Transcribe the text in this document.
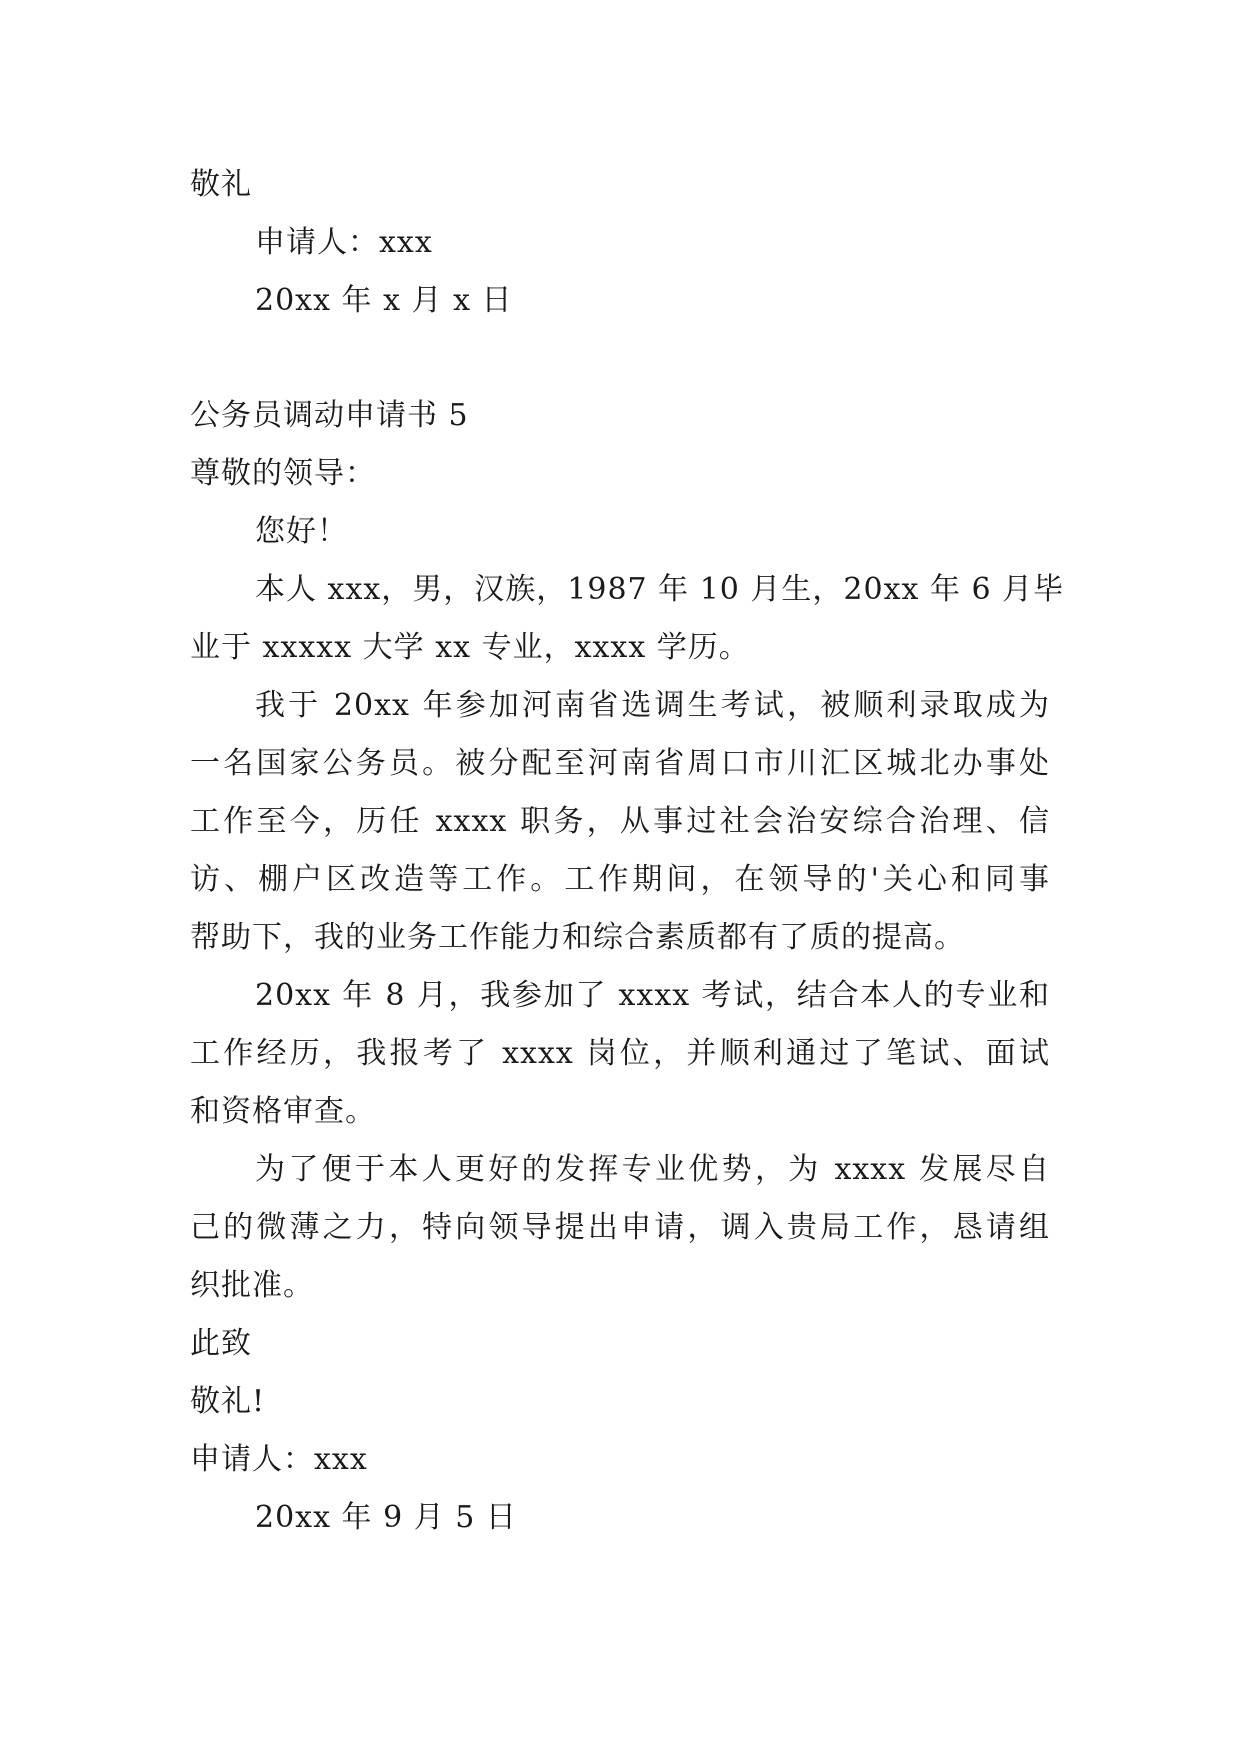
敬礼
申请人：xxx
20xx 年 x 月 x 日
公务员调动申请书 5
尊敬的领导：
您好！
本人 xxx，男，汉族，1987 年 10 月生，20xx 年 6 月毕
业于 xxxxx 大学 xx 专业，xxxx 学历。
我于 20xx 年参加河南省选调生考试，被顺利录取成为
一名国家公务员。被分配至河南省周口市川汇区城北办事处
工作至今，历任 xxxx 职务，从事过社会治安综合治理、信
访、棚户区改造等工作。工作期间，在领导的'关心和同事
帮助下，我的业务工作能力和综合素质都有了质的提高。
20xx 年 8 月，我参加了 xxxx 考试，结合本人的专业和
工作经历，我报考了 xxxx 岗位，并顺利通过了笔试、面试
和资格审查。
为了便于本人更好的发挥专业优势，为 xxxx 发展尽自
己的微薄之力，特向领导提出申请，调入贵局工作，恳请组
织批准。
此致
敬礼!
申请人：xxx
20xx 年 9 月 5 日
